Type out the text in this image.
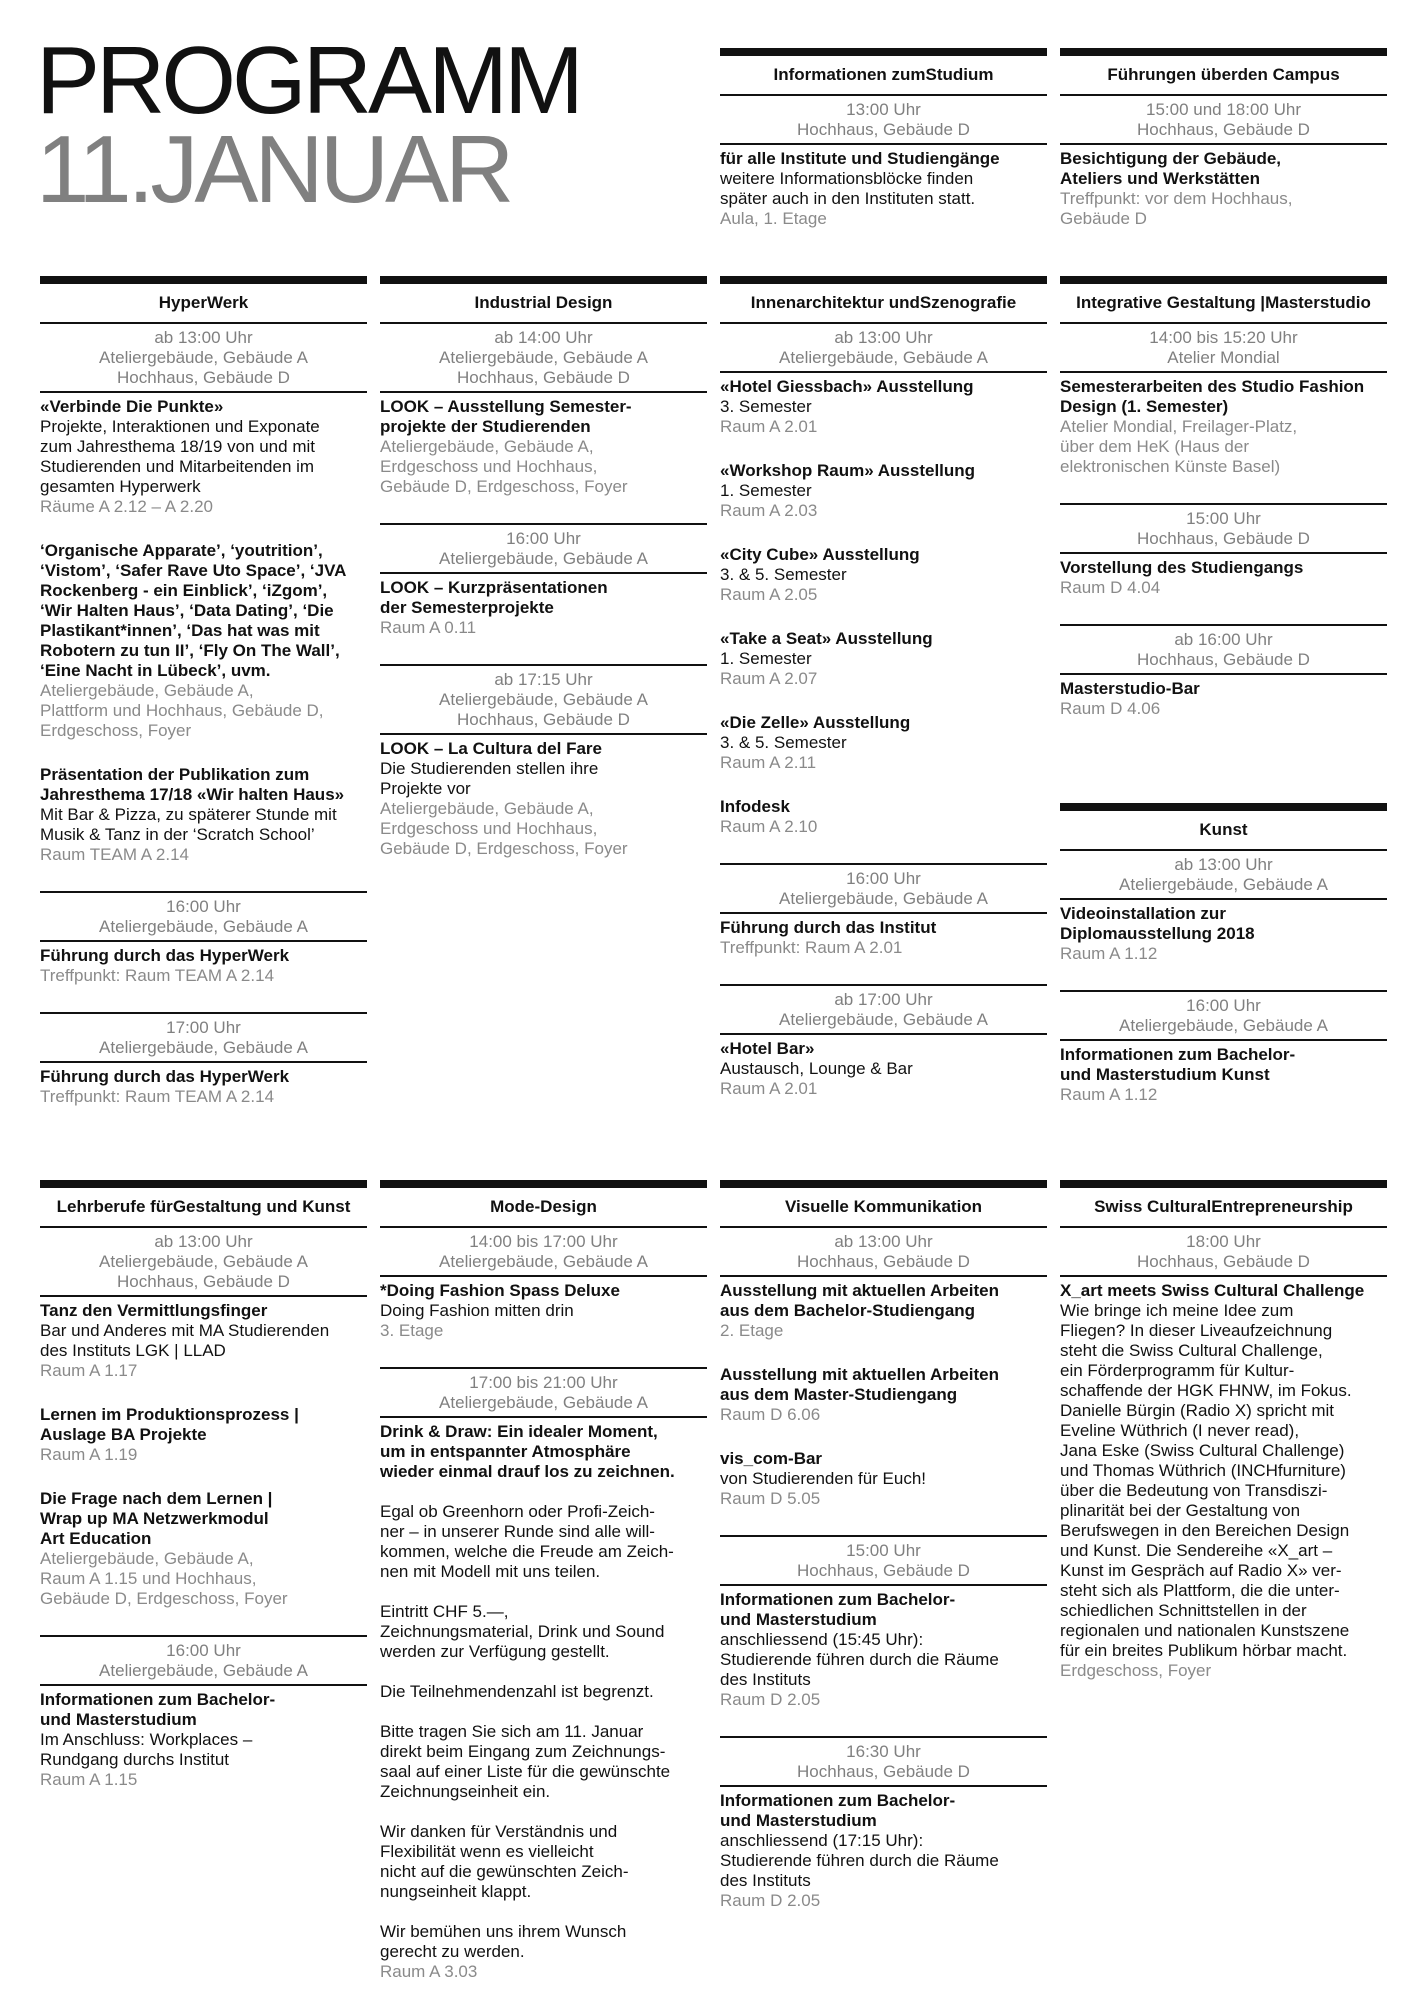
PROGRAMM
11.JANUAR
Informationen zum Studium
13:00 Uhr
Hochhaus, Gebäude D
für alle Institute und Studiengänge
weitere Informationsblöcke finden
später auch in den Instituten statt.
Aula, 1. Etage
Führungen über den Campus
15:00 und 18:00 Uhr
Hochhaus, Gebäude D
Besichtigung der Gebäude,
Ateliers und Werkstätten
Treffpunkt: vor dem Hochhaus,
Gebäude D
HyperWerk
ab 13:00 Uhr
Ateliergebäude, Gebäude A
Hochhaus, Gebäude D
«Verbinde Die Punkte»
Projekte, Interaktionen und Exponate
zum Jahresthema 18/19 von und mit
Studierenden und Mitarbeitenden im
gesamten Hyperwerk
Räume A 2.12 – A 2.20
‘Organische Apparate’, ‘youtrition’,
‘Vistom’, ‘Safer Rave Uto Space’, ‘JVA
Rockenberg - ein Einblick’, ‘iZgom’,
‘Wir Halten Haus’, ‘Data Dating’, ‘Die
Plastikant*innen’, ‘Das hat was mit
Robotern zu tun II’, ‘Fly On The Wall’,
‘Eine Nacht in Lübeck’, uvm.
Ateliergebäude, Gebäude A,
Plattform und Hochhaus, Gebäude D,
Erdgeschoss, Foyer
Präsentation der Publikation zum
Jahresthema 17/18 «Wir halten Haus»
Mit Bar & Pizza, zu späterer Stunde mit
Musik & Tanz in der ‘Scratch School’
Raum TEAM A 2.14
16:00 Uhr
Ateliergebäude, Gebäude A
Führung durch das HyperWerk
Treffpunkt: Raum TEAM A 2.14
17:00 Uhr
Ateliergebäude, Gebäude A
Führung durch das HyperWerk
Treffpunkt: Raum TEAM A 2.14
Industrial Design
ab 14:00 Uhr
Ateliergebäude, Gebäude A
Hochhaus, Gebäude D
LOOK – Ausstellung Semester-
projekte der Studierenden
Ateliergebäude, Gebäude A,
Erdgeschoss und Hochhaus,
Gebäude D, Erdgeschoss, Foyer
16:00 Uhr
Ateliergebäude, Gebäude A
LOOK – Kurzpräsentationen
der Semesterprojekte
Raum A 0.11
ab 17:15 Uhr
Ateliergebäude, Gebäude A
Hochhaus, Gebäude D
LOOK – La Cultura del Fare
Die Studierenden stellen ihre
Projekte vor
Ateliergebäude, Gebäude A,
Erdgeschoss und Hochhaus,
Gebäude D, Erdgeschoss, Foyer
Innenarchitektur und Szenografie
ab 13:00 Uhr
Ateliergebäude, Gebäude A
«Hotel Giessbach» Ausstellung
3. Semester
Raum A 2.01
«Workshop Raum» Ausstellung
1. Semester
Raum A 2.03
«City Cube» Ausstellung
3. & 5. Semester
Raum A 2.05
«Take a Seat» Ausstellung
1. Semester
Raum A 2.07
«Die Zelle» Ausstellung
3. & 5. Semester
Raum A 2.11
Infodesk
Raum A 2.10
16:00 Uhr
Ateliergebäude, Gebäude A
Führung durch das Institut
Treffpunkt: Raum A 2.01
ab 17:00 Uhr
Ateliergebäude, Gebäude A
«Hotel Bar»
Austausch, Lounge & Bar
Raum A 2.01
Integrative Gestaltung | Masterstudio
14:00 bis 15:20 Uhr
Atelier Mondial
Semesterarbeiten des Studio Fashion
Design (1. Semester)
Atelier Mondial, Freilager-Platz,
über dem HeK (Haus der
elektronischen Künste Basel)
15:00 Uhr
Hochhaus, Gebäude D
Vorstellung des Studiengangs
Raum D 4.04
ab 16:00 Uhr
Hochhaus, Gebäude D
Masterstudio-Bar
Raum D 4.06
Kunst
ab 13:00 Uhr
Ateliergebäude, Gebäude A
Videoinstallation zur
Diplomausstellung 2018
Raum A 1.12
16:00 Uhr
Ateliergebäude, Gebäude A
Informationen zum Bachelor-
und Masterstudium Kunst
Raum A 1.12
Lehrberufe für Gestaltung und Kunst
ab 13:00 Uhr
Ateliergebäude, Gebäude A
Hochhaus, Gebäude D
Tanz den Vermittlungsfinger
Bar und Anderes mit MA Studierenden
des Instituts LGK | LLAD
Raum A 1.17
Lernen im Produktionsprozess |
Auslage BA Projekte
Raum A 1.19
Die Frage nach dem Lernen |
Wrap up MA Netzwerkmodul
Art Education
Ateliergebäude, Gebäude A,
Raum A 1.15 und Hochhaus,
Gebäude D, Erdgeschoss, Foyer
16:00 Uhr
Ateliergebäude, Gebäude A
Informationen zum Bachelor-
und Masterstudium
Im Anschluss: Workplaces –
Rundgang durchs Institut
Raum A 1.15
Mode-Design
14:00 bis 17:00 Uhr
Ateliergebäude, Gebäude A
*Doing Fashion Spass Deluxe
Doing Fashion mitten drin
3. Etage
17:00 bis 21:00 Uhr
Ateliergebäude, Gebäude A
Drink & Draw: Ein idealer Moment,
um in entspannter Atmosphäre
wieder einmal drauf los zu zeichnen.
Egal ob Greenhorn oder Profi-Zeich-
ner – in unserer Runde sind alle will-
kommen, welche die Freude am Zeich-
nen mit Modell mit uns teilen.
Eintritt CHF 5.—,
Zeichnungsmaterial, Drink und Sound
werden zur Verfügung gestellt.
Die Teilnehmendenzahl ist begrenzt.
Bitte tragen Sie sich am 11. Januar
direkt beim Eingang zum Zeichnungs-
saal auf einer Liste für die gewünschte
Zeichnungseinheit ein.
Wir danken für Verständnis und
Flexibilität wenn es vielleicht
nicht auf die gewünschten Zeich-
nungseinheit klappt.
Wir bemühen uns ihrem Wunsch
gerecht zu werden.
Raum A 3.03
Visuelle Kommunikation
ab 13:00 Uhr
Hochhaus, Gebäude D
Ausstellung mit aktuellen Arbeiten
aus dem Bachelor-Studiengang
2. Etage
Ausstellung mit aktuellen Arbeiten
aus dem Master-Studiengang
Raum D 6.06
vis_com-Bar
von Studierenden für Euch!
Raum D 5.05
15:00 Uhr
Hochhaus, Gebäude D
Informationen zum Bachelor-
und Masterstudium
anschliessend (15:45 Uhr):
Studierende führen durch die Räume
des Instituts
Raum D 2.05
16:30 Uhr
Hochhaus, Gebäude D
Informationen zum Bachelor-
und Masterstudium
anschliessend (17:15 Uhr):
Studierende führen durch die Räume
des Instituts
Raum D 2.05
Swiss Cultural Entrepreneurship
18:00 Uhr
Hochhaus, Gebäude D
X_art meets Swiss Cultural Challenge
Wie bringe ich meine Idee zum
Fliegen? In dieser Liveaufzeichnung
steht die Swiss Cultural Challenge,
ein Förderprogramm für Kultur-
schaffende der HGK FHNW, im Fokus.
Danielle Bürgin (Radio X) spricht mit
Eveline Wüthrich (I never read),
Jana Eske (Swiss Cultural Challenge)
und Thomas Wüthrich (INCHfurniture)
über die Bedeutung von Transdiszi-
plinarität bei der Gestaltung von
Berufswegen in den Bereichen Design
und Kunst. Die Sendereihe «X_art –
Kunst im Gespräch auf Radio X» ver-
steht sich als Plattform, die die unter-
schiedlichen Schnittstellen in der
regionalen und nationalen Kunstszene
für ein breites Publikum hörbar macht.
Erdgeschoss, Foyer
